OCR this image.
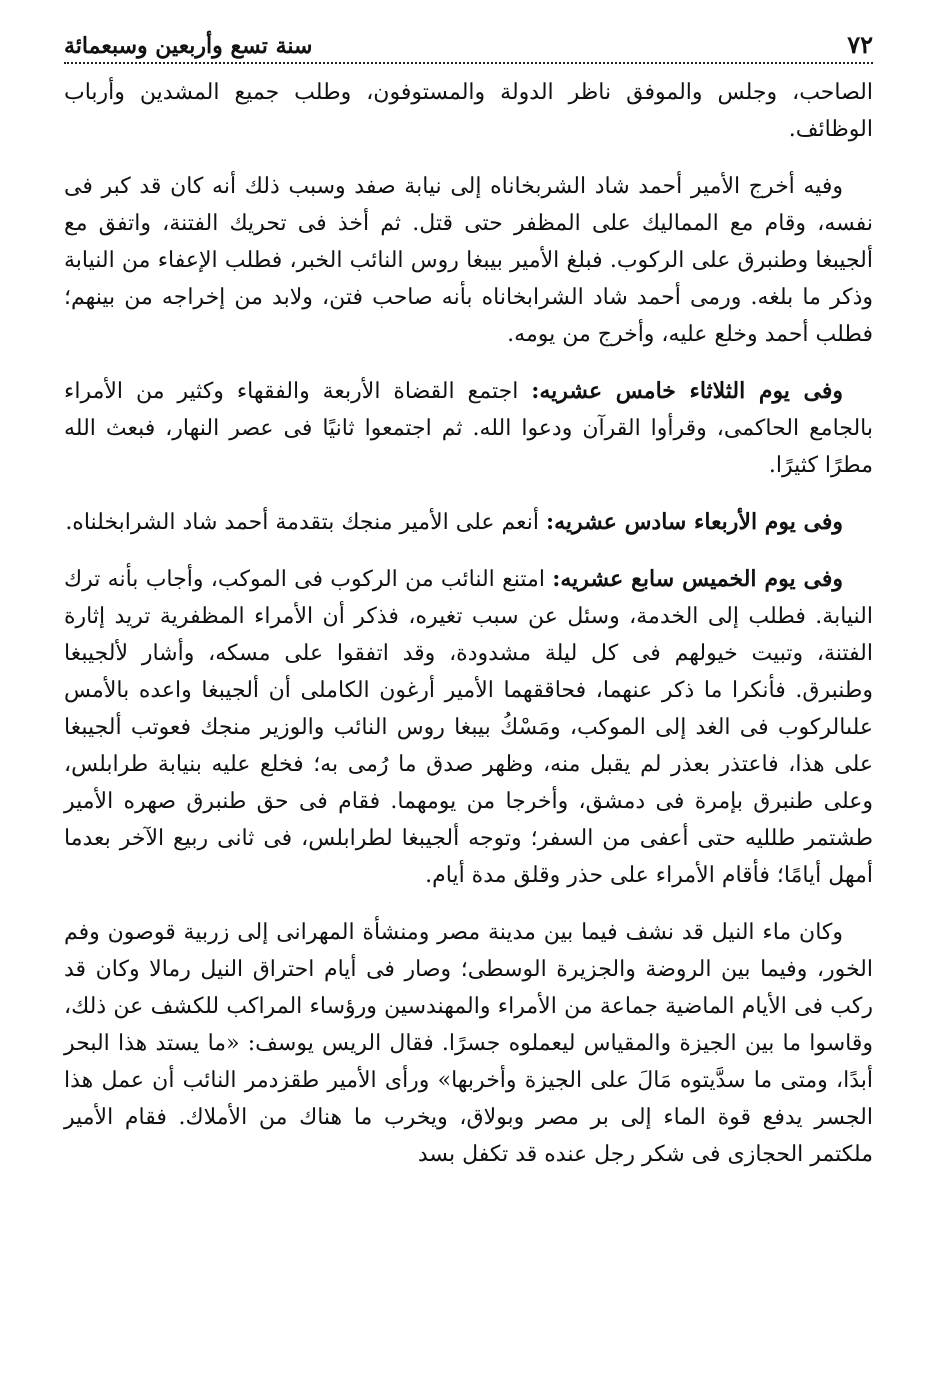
٧٢
سنة تسع وأربعين وسبعمائة

الصاحب، وجلس والموفق ناظر الدولة والمستوفون، وطلب جميع المشدين وأرباب الوظائف.

وفيه أخرج الأمير أحمد شاد الشربخاناه إلى نيابة صفد وسبب ذلك أنه كان قد كبر فى نفسه، وقام مع المماليك على المظفر حتى قتل. ثم أخذ فى تحريك الفتنة، واتفق مع ألجيبغا وطنبرق على الركوب. فبلغ الأمير بيبغا روس النائب الخبر، فطلب الإعفاء من النيابة وذكر ما بلغه. ورمى أحمد شاد الشرابخاناه بأنه صاحب فتن، ولابد من إخراجه من بينهم؛ فطلب أحمد وخلع عليه، وأخرج من يومه.

وفى يوم الثلاثاء خامس عشريه: اجتمع القضاة الأربعة والفقهاء وكثير من الأمراء بالجامع الحاكمى، وقرأوا القرآن ودعوا الله. ثم اجتمعوا ثانيًا فى عصر النهار، فبعث الله مطرًا كثيرًا.

وفى يوم الأربعاء سادس عشريه: أنعم على الأمير منجك بتقدمة أحمد شاد الشرابخلناه.

وفى يوم الخميس سابع عشريه: امتنع النائب من الركوب فى الموكب، وأجاب بأنه ترك النيابة. فطلب إلى الخدمة، وسئل عن سبب تغيره، فذكر أن الأمراء المظفرية تريد إثارة الفتنة، وتبيت خيولهم فى كل ليلة مشدودة، وقد اتفقوا على مسكه، وأشار لألجيبغا وطنبرق. فأنكرا ما ذكر عنهما، فحاققهما الأمير أرغون الكاملى أن ألجيبغا واعده بالأمس علىالركوب فى الغد إلى الموكب، ومَسْكُ بيبغا روس النائب والوزير منجك فعوتب ألجيبغا على هذا، فاعتذر بعذر لم يقبل منه، وظهر صدق ما رُمى به؛ فخلع عليه بنيابة طرابلس، وعلى طنبرق بإمرة فى دمشق، وأخرجا من يومهما. فقام فى حق طنبرق صهره الأمير طشتمر طلليه حتى أعفى من السفر؛ وتوجه ألجيبغا لطرابلس، فى ثانى ربيع الآخر بعدما أمهل أيامًا؛ فأقام الأمراء على حذر وقلق مدة أيام.

وكان ماء النيل قد نشف فيما بين مدينة مصر ومنشأة المهرانى إلى زربية قوصون وفم الخور، وفيما بين الروضة والجزيرة الوسطى؛ وصار فى أيام احتراق النيل رمالا وكان قد ركب فى الأيام الماضية جماعة من الأمراء والمهندسين ورؤساء المراكب للكشف عن ذلك، وقاسوا ما بين الجيزة والمقياس ليعملوه جسرًا. فقال الريس يوسف: «ما يستد هذا البحر أبدًا، ومتى ما سدَّيتوه مَالَ على الجيزة وأخربها» ورأى الأمير طقزدمر النائب أن عمل هذا الجسر يدفع قوة الماء إلى بر مصر وبولاق، ويخرب ما هناك من الأملاك. فقام الأمير ملكتمر الحجازى فى شكر رجل عنده قد تكفل بسد
